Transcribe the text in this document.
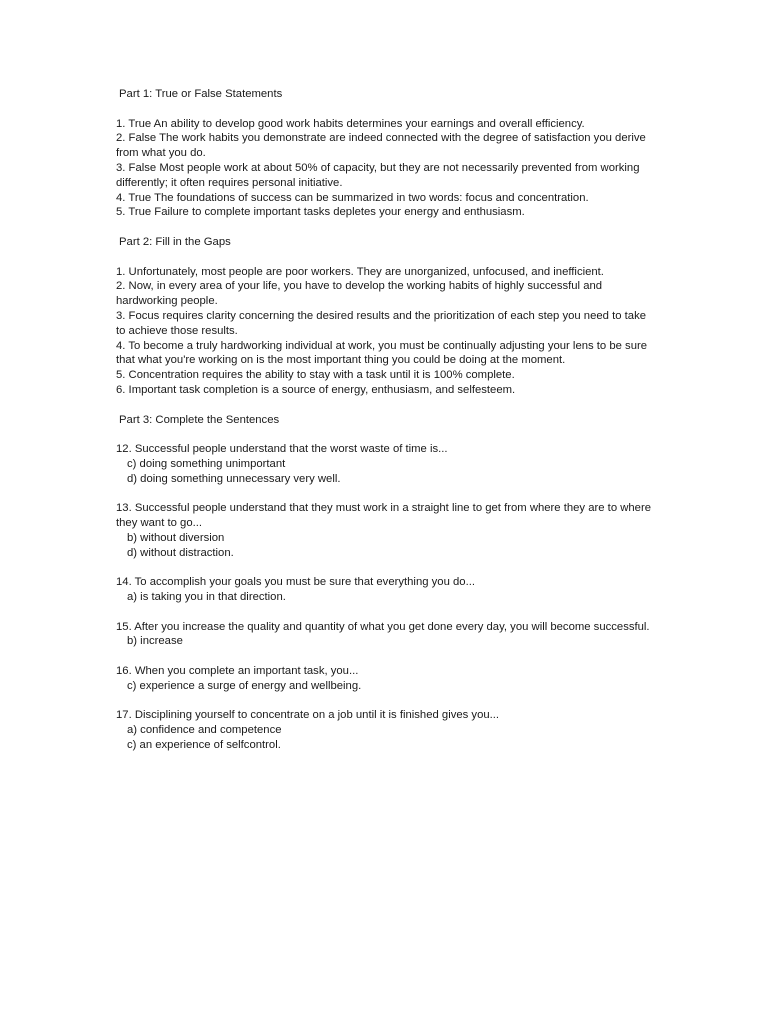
Part 1: True or False Statements

1. True An ability to develop good work habits determines your earnings and overall efficiency.

2. False The work habits you demonstrate are indeed connected with the degree of satisfaction you derive from what you do.

3. False Most people work at about 50% of capacity, but they are not necessarily prevented from working differently; it often requires personal initiative.

4. True The foundations of success can be summarized in two words: focus and concentration.

5. True Failure to complete important tasks depletes your energy and enthusiasm.

Part 2: Fill in the Gaps

1. Unfortunately, most people are poor workers. They are unorganized, unfocused, and inefficient.

2. Now, in every area of your life, you have to develop the working habits of highly successful and hardworking people.

3. Focus requires clarity concerning the desired results and the prioritization of each step you need to take to achieve those results.

4. To become a truly hardworking individual at work, you must be continually adjusting your lens to be sure that what you're working on is the most important thing you could be doing at the moment.

5. Concentration requires the ability to stay with a task until it is 100% complete.

6. Important task completion is a source of energy, enthusiasm, and selfesteem.

Part 3: Complete the Sentences

12. Successful people understand that the worst waste of time is...

c) doing something unimportant

d) doing something unnecessary very well.

13. Successful people understand that they must work in a straight line to get from where they are to where they want to go...

b) without diversion

d) without distraction.

14. To accomplish your goals you must be sure that everything you do...

a) is taking you in that direction.

15. After you increase the quality and quantity of what you get done every day, you will become successful.

b) increase

16. When you complete an important task, you...

c) experience a surge of energy and wellbeing.

17. Disciplining yourself to concentrate on a job until it is finished gives you...

a) confidence and competence

c) an experience of selfcontrol.
